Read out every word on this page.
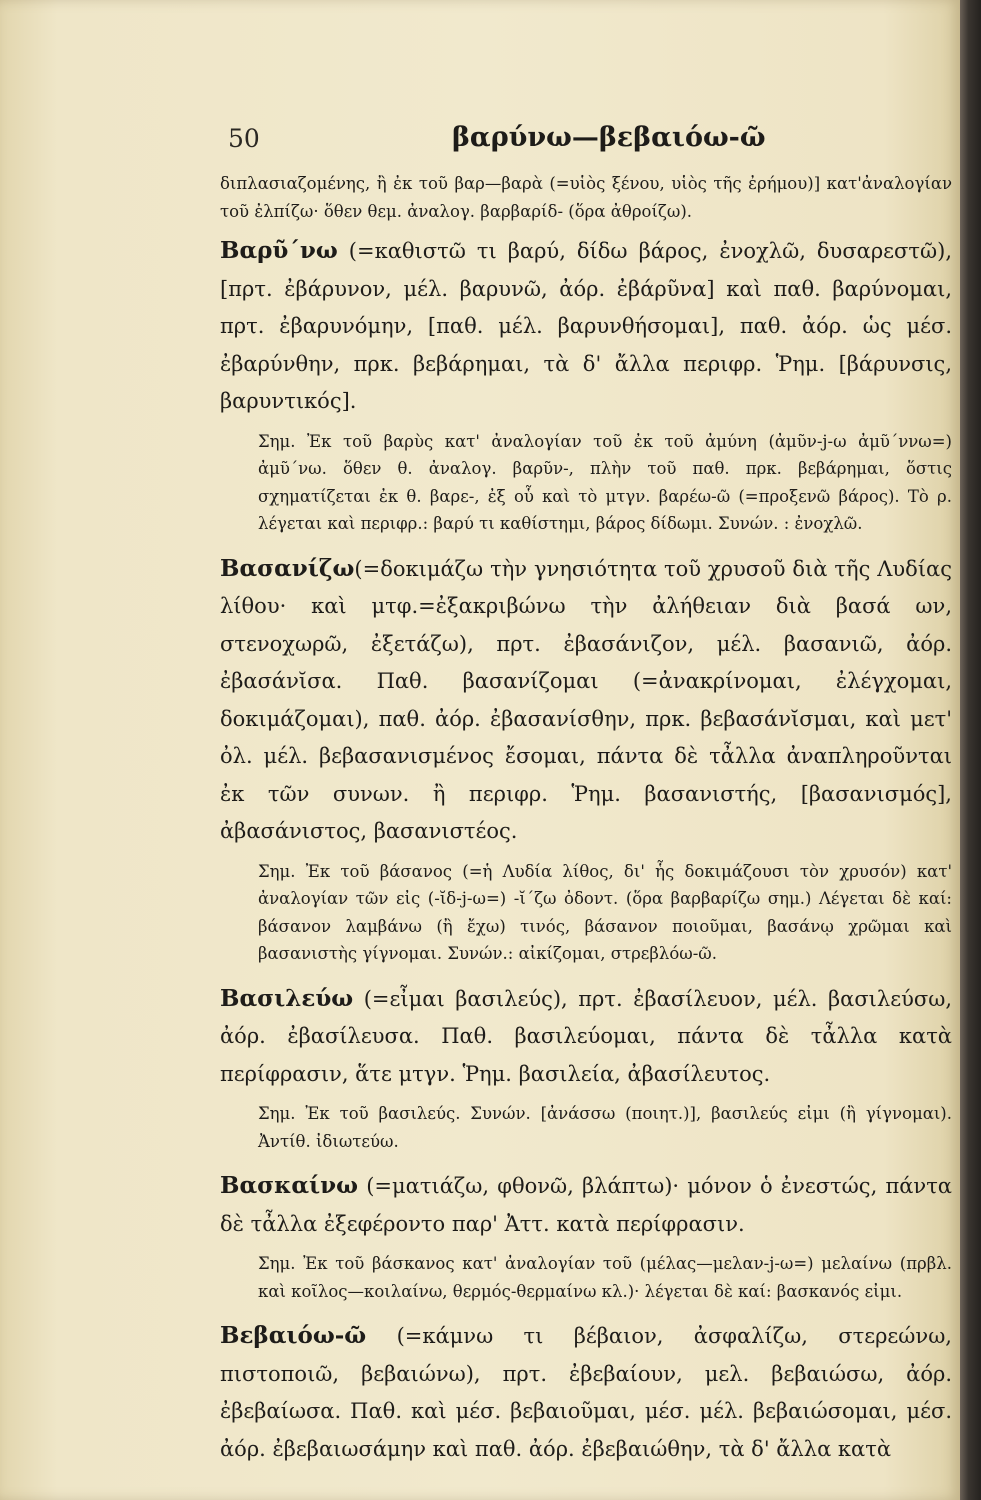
50	βαρύνω—βεβαιόω-ῶ

διπλασιαζομένης, ἢ ἐκ τοῦ βαρ—βαρὰ (=υἱὸς ξένου, υἱὸς τῆς ἐρήμου)] κατ'ἀναλογίαν τοῦ ἐλπίζω· ὅθεν θεμ. ἀναλογ. βαρβαρίδ- (ὅρα ἀθροίζω).

Βαρῦ΄νω (=καθιστῶ τι βαρύ, δίδω βάρος, ἐνοχλῶ, δυσαρεστῶ), [πρτ. ἐβάρυνον, μέλ. βαρυνῶ, ἀόρ. ἐβάρῦνα] καὶ παθ. βαρύνομαι, πρτ. ἐβαρυνόμην, [παθ. μέλ. βαρυνθήσομαι], παθ. ἀόρ. ὡς μέσ. ἐβαρύνθην, πρκ. βεβάρημαι, τὰ δ' ἄλλα περιφρ. Ῥημ. [βάρυνσις, βαρυντικός].

Σημ. Ἐκ τοῦ βαρὺς κατ' ἀναλογίαν τοῦ ἐκ τοῦ ἀμύνη (ἀμῦν-j-ω ἀμῦ΄ννω=) ἀμῦ΄νω. ὅθεν θ. ἀναλογ. βαρῦν-, πλὴν τοῦ παθ. πρκ. βεβάρημαι, ὅστις σχηματίζεται ἐκ θ. βαρε-, ἐξ οὗ καὶ τὸ μτγν. βαρέω-ῶ (=προξενῶ βάρος). Τὸ ρ. λέγεται καὶ περιφρ.: βαρύ τι καθίστημι, βάρος δίδωμι. Συνών. : ἐνοχλῶ.

Βασανίζω(=δοκιμάζω τὴν γνησιότητα τοῦ χρυσοῦ διὰ τῆς Λυδίας λίθου· καὶ μτφ.=ἐξακριβώνω τὴν ἀλήθειαν διὰ βασά ων, στενοχωρῶ, ἐξετάζω), πρτ. ἐβασάνιζον, μέλ. βασανιῶ, ἀόρ. ἐβασάνῐσα. Παθ. βασανίζομαι (=ἀνακρίνομαι, ἐλέγχομαι, δοκιμάζομαι), παθ. ἀόρ. ἐβασανίσθην, πρκ. βεβασάνῐσμαι, καὶ μετ' ὀλ. μέλ. βεβασανισμένος ἔσομαι, πάντα δὲ τἆλλα ἀναπληροῦνται ἐκ τῶν συνων. ἢ περιφρ. Ῥημ. βασανιστής, [βασανισμός], ἀβασάνιστος, βασανιστέος.

Σημ. Ἐκ τοῦ βάσανος (=ἡ Λυδία λίθος, δι' ἧς δοκιμάζουσι τὸν χρυσόν) κατ' ἀναλογίαν τῶν εἰς (-ῐδ-j-ω=) -ῐ΄ζω ὀδοντ. (ὅρα βαρβαρίζω σημ.) Λέγεται δὲ καί: βάσανον λαμβάνω (ἢ ἔχω) τινός, βάσανον ποιοῦμαι, βασάνῳ χρῶμαι καὶ βασανιστὴς γίγνομαι. Συνών.: αἰκίζομαι, στρεβλόω-ῶ.

Βασιλεύω (=εἶμαι βασιλεύς), πρτ. ἐβασίλευον, μέλ. βασιλεύσω, ἀόρ. ἐβασίλευσα. Παθ. βασιλεύομαι, πάντα δὲ τἆλλα κατὰ περίφρασιν, ἅτε μτγν. Ῥημ. βασιλεία, ἀβασίλευτος.

Σημ. Ἐκ τοῦ βασιλεύς. Συνών. [ἀνάσσω (ποιητ.)], βασιλεύς εἰμι (ἢ γίγνομαι). Ἀντίθ. ἰδιωτεύω.

Βασκαίνω (=ματιάζω, φθονῶ, βλάπτω)· μόνον ὁ ἐνεστώς, πάντα δὲ τἆλλα ἐξεφέροντο παρ' Ἀττ. κατὰ περίφρασιν.

Σημ. Ἐκ τοῦ βάσκανος κατ' ἀναλογίαν τοῦ (μέλας—μελαν-j-ω=) μελαίνω (πρβλ. καὶ κοῖλος—κοιλαίνω, θερμός-θερμαίνω κλ.)· λέγεται δὲ καί: βασκανός εἰμι.

Βεβαιόω-ῶ (=κάμνω τι βέβαιον, ἀσφαλίζω, στερεώνω, πιστοποιῶ, βεβαιώνω), πρτ. ἐβεβαίουν, μελ. βεβαιώσω, ἀόρ. ἐβεβαίωσα. Παθ. καὶ μέσ. βεβαιοῦμαι, μέσ. μέλ. βεβαιώσομαι, μέσ. ἀόρ. ἐβεβαιωσάμην καὶ παθ. ἀόρ. ἐβεβαιώθην, τὰ δ' ἄλλα κατὰ
